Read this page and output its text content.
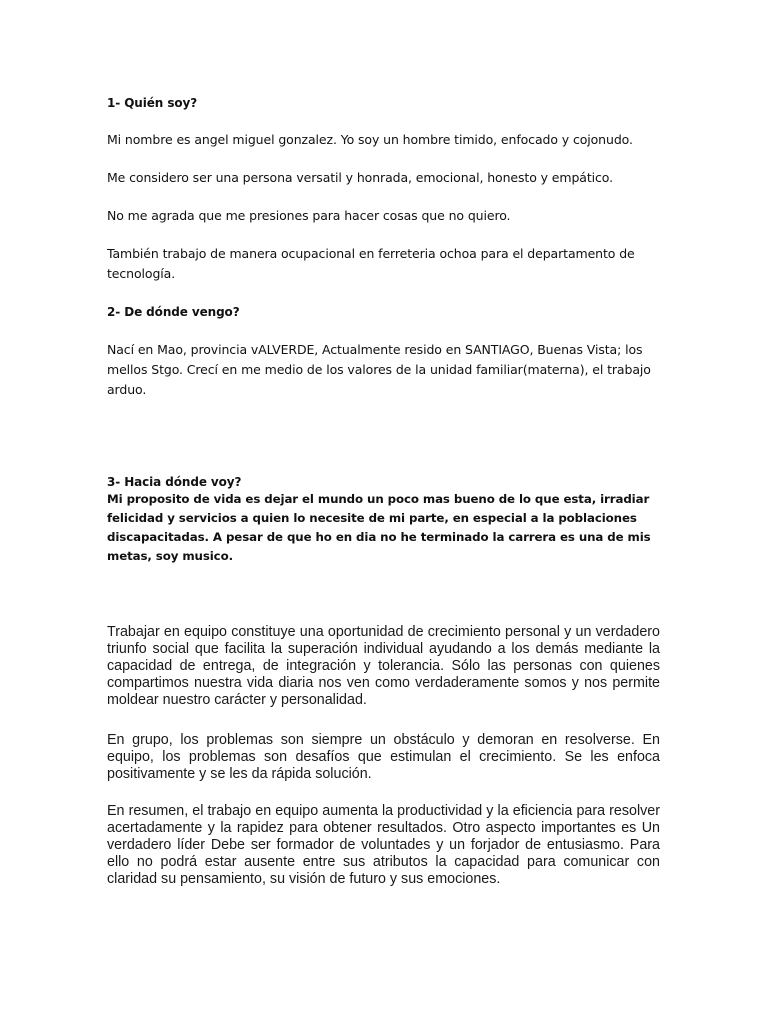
1- Quién soy?

Mi nombre es angel miguel gonzalez. Yo soy un hombre timido, enfocado y cojonudo.

Me considero ser una persona versatil y honrada, emocional, honesto y empático.

No me agrada que me presiones para hacer cosas que no quiero.

También trabajo de manera ocupacional en ferreteria ochoa para el departamento de tecnología.

2- De dónde vengo?

Nací en Mao, provincia vALVERDE, Actualmente resido en SANTIAGO, Buenas Vista; los mellos Stgo. Crecí en me medio de los valores de la unidad familiar(materna), el trabajo arduo.

3- Hacia dónde voy?

Mi proposito de vida es dejar el mundo un poco mas bueno de lo que esta, irradiar felicidad y servicios a quien lo necesite de mi parte, en especial a la poblaciones discapacitadas. A pesar de que ho en dia no he terminado la carrera es una de mis metas, soy musico.

Trabajar en equipo constituye una oportunidad de crecimiento personal y un verdadero triunfo social que facilita la superación individual ayudando a los demás mediante la capacidad de entrega, de integración y tolerancia. Sólo las personas con quienes compartimos nuestra vida diaria nos ven como verdaderamente somos y nos permite moldear nuestro carácter y personalidad.

En grupo, los problemas son siempre un obstáculo y demoran en resolverse. En equipo, los problemas son desafíos que estimulan el crecimiento. Se les enfoca positivamente y se les da rápida solución.

En resumen, el trabajo en equipo aumenta la productividad y la eficiencia para resolver acertadamente y la rapidez para obtener resultados. Otro aspecto importantes es Un verdadero líder Debe ser formador de voluntades y un forjador de entusiasmo. Para ello no podrá estar ausente entre sus atributos la capacidad para comunicar con claridad su pensamiento, su visión de futuro y sus emociones.
